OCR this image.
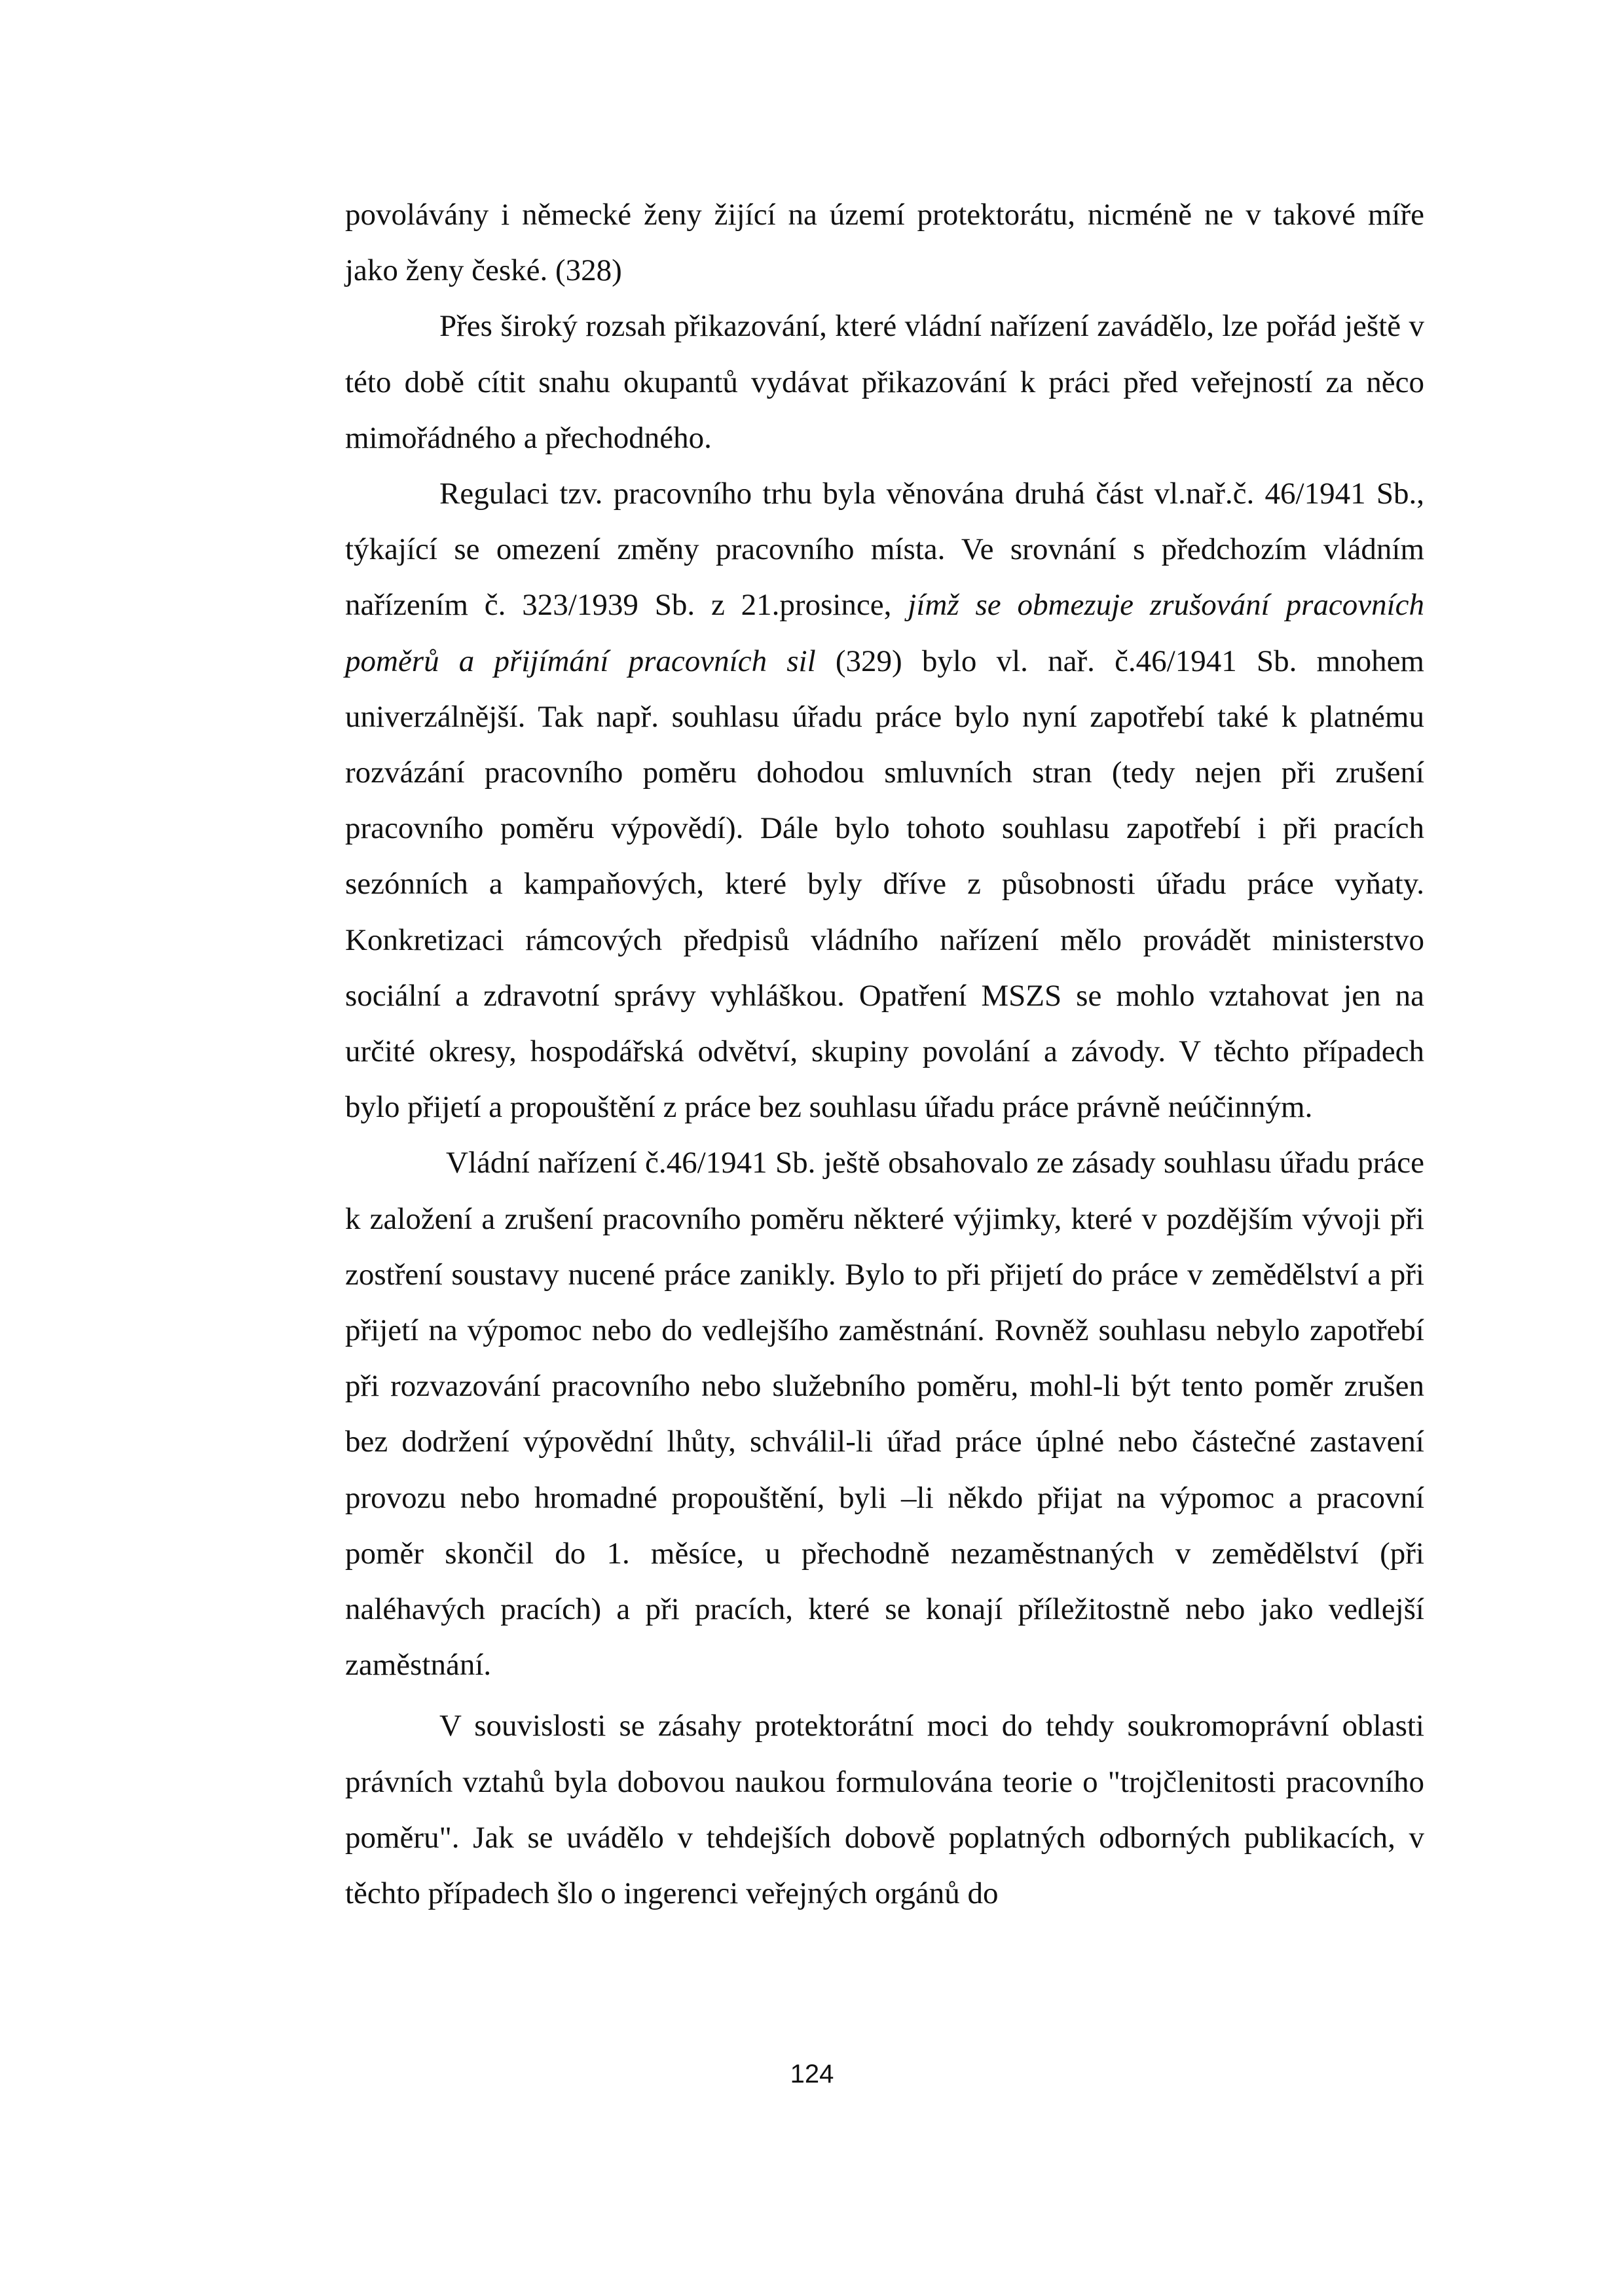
povolávány i německé ženy žijící na území protektorátu, nicméně ne v takové míře jako ženy české. (328)

Přes široký rozsah přikazování, které vládní nařízení zavádělo, lze pořád ještě v této době cítit snahu okupantů vydávat přikazování k práci před veřejností za něco mimořádného a přechodného.

Regulaci tzv. pracovního trhu byla věnována druhá část vl.nař.č. 46/1941 Sb., týkající se omezení změny pracovního místa. Ve srovnání s předchozím vládním nařízením č. 323/1939 Sb. z 21.prosince, jímž se obmezuje zrušování pracovních poměrů a přijímání pracovních sil (329) bylo vl. nař. č.46/1941 Sb. mnohem univerzálnější. Tak např. souhlasu úřadu práce bylo nyní zapotřebí také k platnému rozvázání pracovního poměru dohodou smluvních stran (tedy nejen při zrušení pracovního poměru výpovědí). Dále bylo tohoto souhlasu zapotřebí i při pracích sezónních a kampaňových, které byly dříve z působnosti úřadu práce vyňaty. Konkretizaci rámcových předpisů vládního nařízení mělo provádět ministerstvo sociální a zdravotní správy vyhláškou. Opatření MSZS se mohlo vztahovat jen na určité okresy, hospodářská odvětví, skupiny povolání a závody. V těchto případech bylo přijetí a propouštění z práce bez souhlasu úřadu práce právně neúčinným.

Vládní nařízení č.46/1941 Sb. ještě obsahovalo ze zásady souhlasu úřadu práce k založení a zrušení pracovního poměru některé výjimky, které v pozdějším vývoji při zostření soustavy nucené práce zanikly. Bylo to při přijetí do práce v zemědělství a při přijetí na výpomoc nebo do vedlejšího zaměstnání. Rovněž souhlasu nebylo zapotřebí při rozvazování pracovního nebo služebního poměru, mohl-li být tento poměr zrušen bez dodržení výpovědní lhůty, schválil-li úřad práce úplné nebo částečné zastavení provozu nebo hromadné propouštění, byli –li někdo přijat na výpomoc a pracovní poměr skončil do 1. měsíce, u přechodně nezaměstnaných v zemědělství (při naléhavých pracích) a při pracích, které se konají příležitostně nebo jako vedlejší zaměstnání.

V souvislosti se zásahy protektorátní moci do tehdy soukromoprávní oblasti právních vztahů byla dobovou naukou formulována teorie o "trojčlenitosti pracovního poměru". Jak se uvádělo v tehdejších dobově poplatných odborných publikacích, v těchto případech šlo o ingerenci veřejných orgánů do

124
